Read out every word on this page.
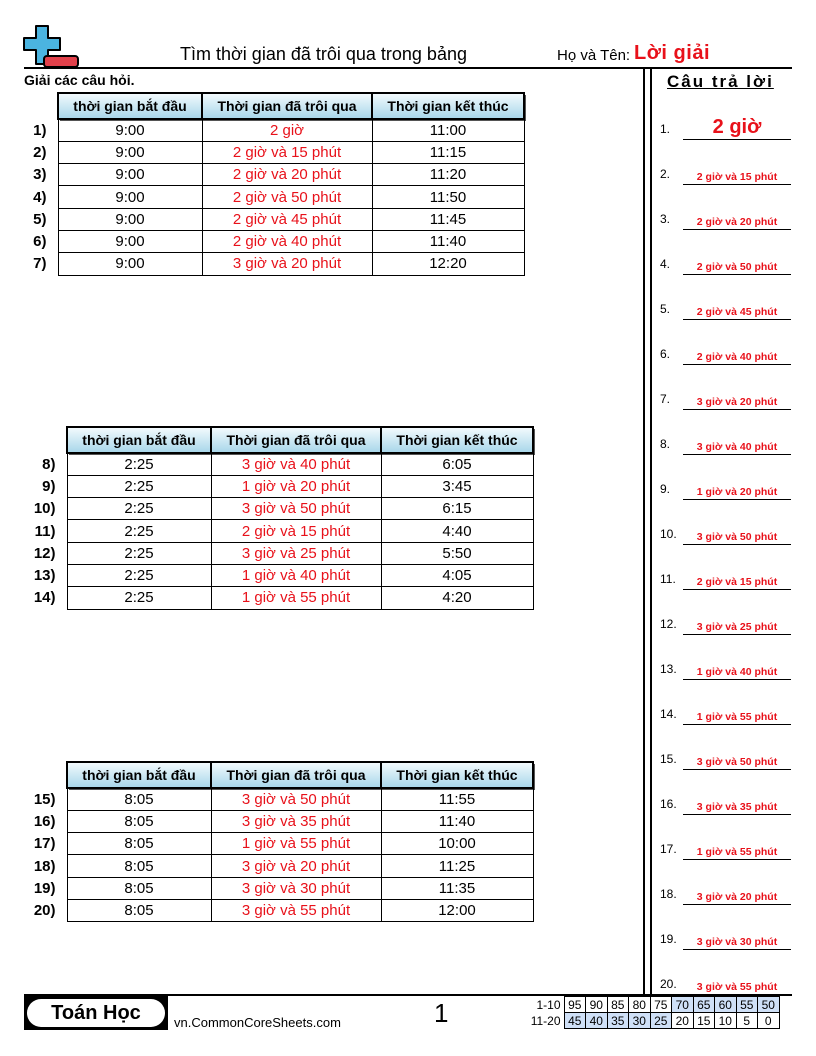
Tìm thời gian đã trôi qua trong bảng	Họ và Tên: Lời giải
Giải các câu hỏi.	Câu trả lời
	thời gian bắt đầu	Thời gian đã trôi qua	Thời gian kết thúc
1)	9:00	2 giờ	11:00
2)	9:00	2 giờ và 15 phút	11:15
3)	9:00	2 giờ và 20 phút	11:20
4)	9:00	2 giờ và 50 phút	11:50
5)	9:00	2 giờ và 45 phút	11:45
6)	9:00	2 giờ và 40 phút	11:40
7)	9:00	3 giờ và 20 phút	12:20
	thời gian bắt đầu	Thời gian đã trôi qua	Thời gian kết thúc
8)	2:25	3 giờ và 40 phút	6:05
9)	2:25	1 giờ và 20 phút	3:45
10)	2:25	3 giờ và 50 phút	6:15
11)	2:25	2 giờ và 15 phút	4:40
12)	2:25	3 giờ và 25 phút	5:50
13)	2:25	1 giờ và 40 phút	4:05
14)	2:25	1 giờ và 55 phút	4:20
	thời gian bắt đầu	Thời gian đã trôi qua	Thời gian kết thúc
15)	8:05	3 giờ và 50 phút	11:55
16)	8:05	3 giờ và 35 phút	11:40
17)	8:05	1 giờ và 55 phút	10:00
18)	8:05	3 giờ và 20 phút	11:25
19)	8:05	3 giờ và 30 phút	11:35
20)	8:05	3 giờ và 55 phút	12:00
1.	2 giờ
2.	2 giờ và 15 phút
3.	2 giờ và 20 phút
4.	2 giờ và 50 phút
5.	2 giờ và 45 phút
6.	2 giờ và 40 phút
7.	3 giờ và 20 phút
8.	3 giờ và 40 phút
9.	1 giờ và 20 phút
10.	3 giờ và 50 phút
11.	2 giờ và 15 phút
12.	3 giờ và 25 phút
13.	1 giờ và 40 phút
14.	1 giờ và 55 phút
15.	3 giờ và 50 phút
16.	3 giờ và 35 phút
17.	1 giờ và 55 phút
18.	3 giờ và 20 phút
19.	3 giờ và 30 phút
20.	3 giờ và 55 phút
Toán Học	vn.CommonCoreSheets.com	1	1-10	95	90	85	80	75	70	65	60	55	50
11-20	45	40	35	30	25	20	15	10	5	0
